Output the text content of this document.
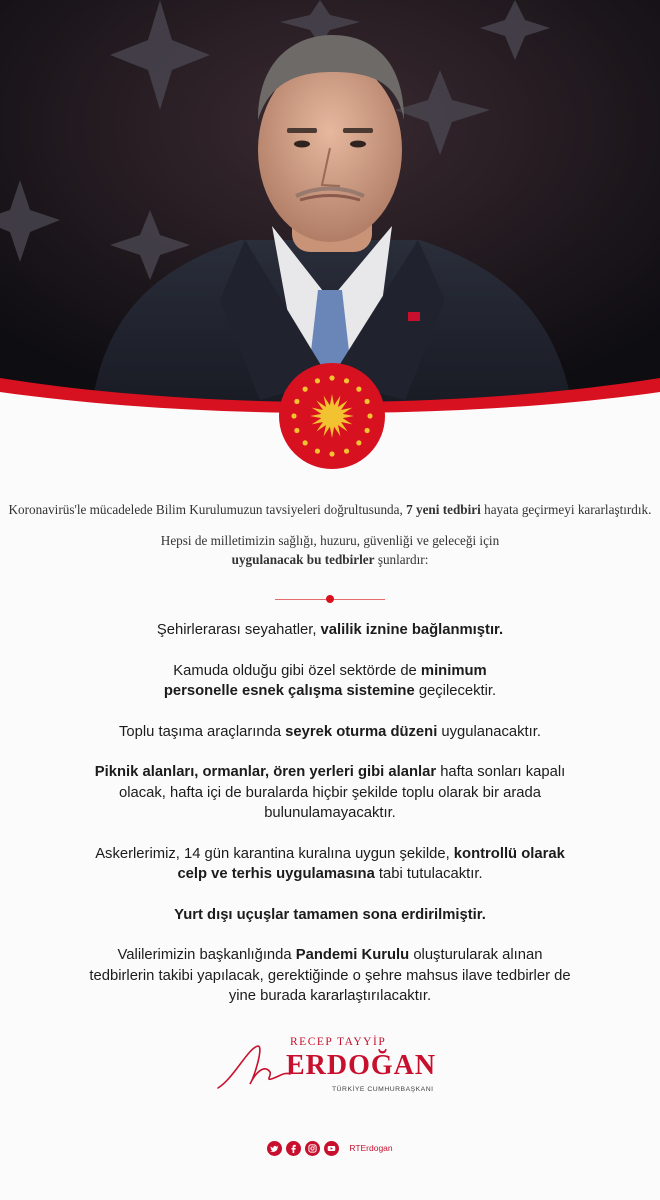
Koronavirüs'le mücadelede Bilim Kurulumuzun tavsiyeleri doğrultusunda, 7 yeni tedbiri hayata geçirmeyi kararlaştırdık.

Hepsi de milletimizin sağlığı, huzuru, güvenliği ve geleceği için uygulanacak bu tedbirler şunlardır:

Şehirlerarası seyahatler, valilik iznine bağlanmıştır.

Kamuda olduğu gibi özel sektörde de minimum personelle esnek çalışma sistemine geçilecektir.

Toplu taşıma araçlarında seyrek oturma düzeni uygulanacaktır.

Piknik alanları, ormanlar, ören yerleri gibi alanlar hafta sonları kapalı olacak, hafta içi de buralarda hiçbir şekilde toplu olarak bir arada bulunulamayacaktır.

Askerlerimiz, 14 gün karantina kuralına uygun şekilde, kontrollü olarak celp ve terhis uygulamasına tabi tutulacaktır.

Yurt dışı uçuşlar tamamen sona erdirilmiştir.

Valilerimizin başkanlığında Pandemi Kurulu oluşturularak alınan tedbirlerin takibi yapılacak, gerektiğinde o şehre mahsus ilave tedbirler de yine burada kararlaştırılacaktır.

RECEP TAYYİP
ERDOĞAN
TÜRKİYE CUMHURBAŞKANI
RTErdogan
